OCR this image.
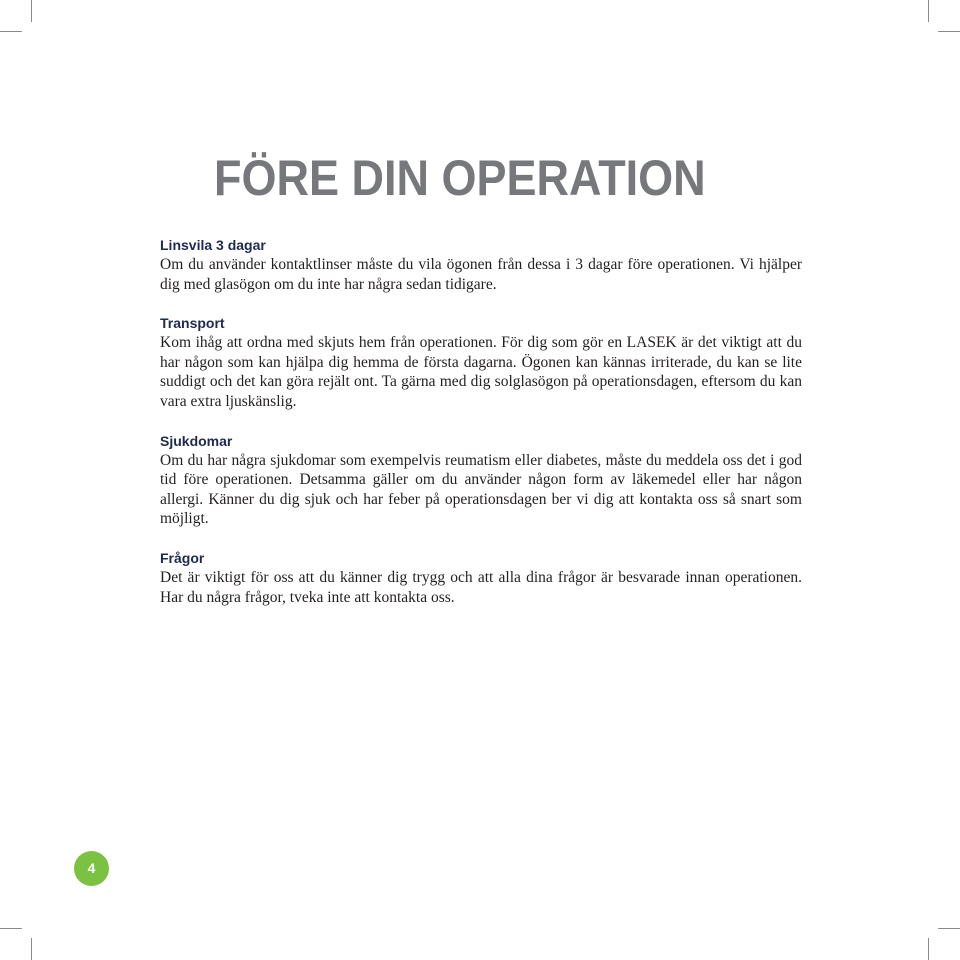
FÖRE DIN OPERATION
Linsvila 3 dagar

Om du använder kontaktlinser måste du vila ögonen från dessa i 3 dagar före operationen. Vi hjälper dig med glasögon om du inte har några sedan tidigare.

Transport

Kom ihåg att ordna med skjuts hem från operationen. För dig som gör en LASEK är det viktigt att du har någon som kan hjälpa dig hemma de första dagarna. Ögonen kan kännas irriterade, du kan se lite suddigt och det kan göra rejält ont. Ta gärna med dig solglasögon på operationsdagen, eftersom du kan vara extra ljuskänslig.

Sjukdomar

Om du har några sjukdomar som exempelvis reumatism eller diabetes, måste du meddela oss det i god tid före operationen. Detsamma gäller om du använder någon form av läkemedel eller har någon allergi. Känner du dig sjuk och har feber på operationsdagen ber vi dig att kontakta oss så snart som möjligt.

Frågor

Det är viktigt för oss att du känner dig trygg och att alla dina frågor är besvarade innan operationen. Har du några frågor, tveka inte att kontakta oss.

4
